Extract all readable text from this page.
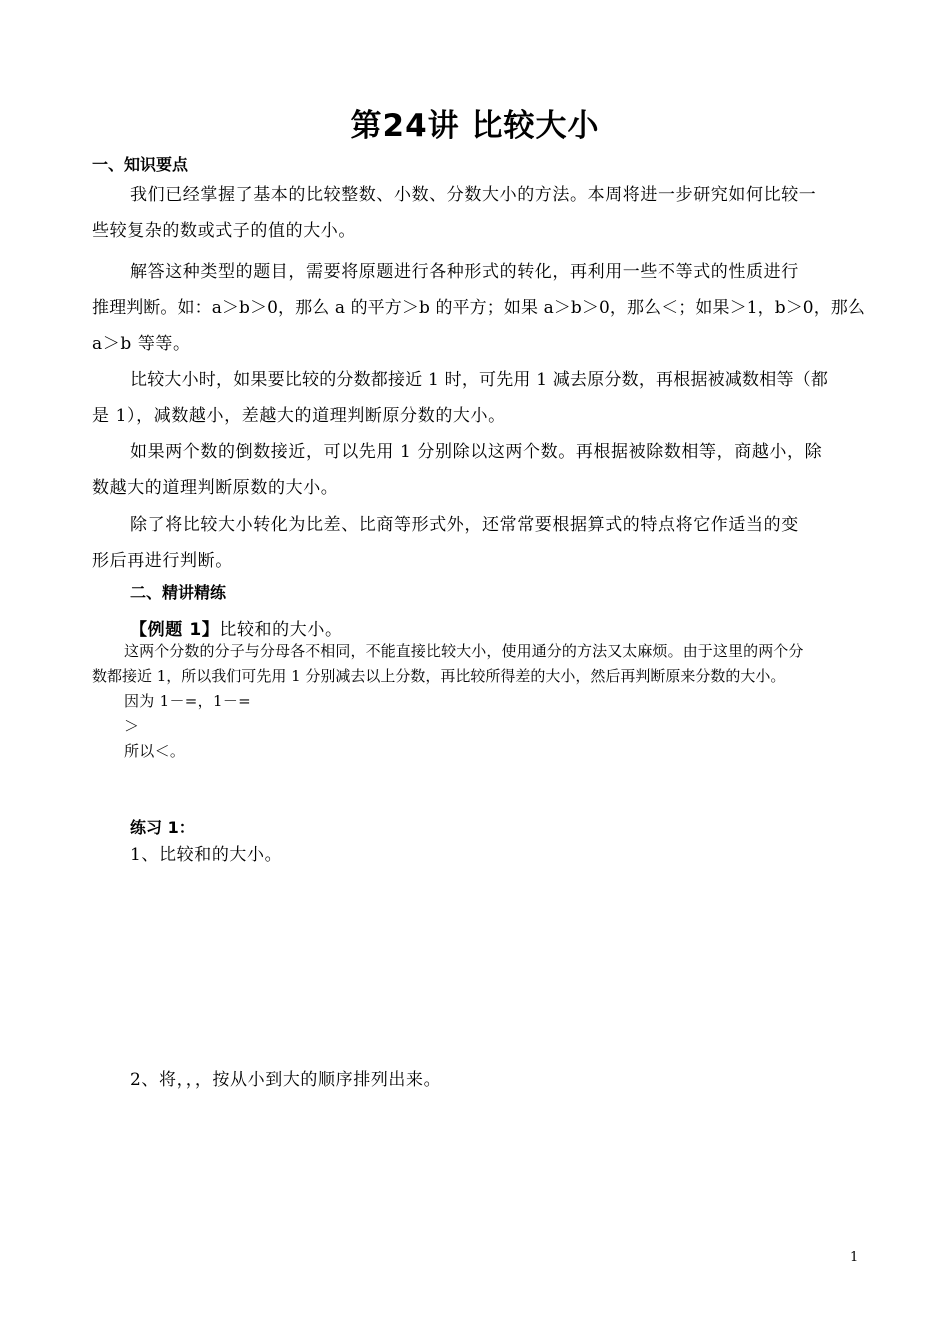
第24讲 比较大小
一、知识要点
我们已经掌握了基本的比较整数、小数、分数大小的方法。本周将进一步研究如何比较一
些较复杂的数或式子的值的大小。
解答这种类型的题目，需要将原题进行各种形式的转化，再利用一些不等式的性质进行
推理判断。如：a＞b＞0，那么 a 的平方＞b 的平方；如果 a＞b＞0，那么＜；如果＞1，b＞0，那么
a＞b 等等。
比较大小时，如果要比较的分数都接近 1 时，可先用 1 减去原分数，再根据被减数相等（都
是 1），减数越小，差越大的道理判断原分数的大小。
如果两个数的倒数接近，可以先用 1 分别除以这两个数。再根据被除数相等，商越小，除
数越大的道理判断原数的大小。
除了将比较大小转化为比差、比商等形式外，还常常要根据算式的特点将它作适当的变
形后再进行判断。
二、精讲精练
【例题 1】比较和的大小。
这两个分数的分子与分母各不相同，不能直接比较大小，使用通分的方法又太麻烦。由于这里的两个分
数都接近 1，所以我们可先用 1 分别减去以上分数，再比较所得差的大小，然后再判断原来分数的大小。
因为 1－=，1－=
＞
所以＜。
练习 1：
1、比较和的大小。
2、将，，，按从小到大的顺序排列出来。
1
